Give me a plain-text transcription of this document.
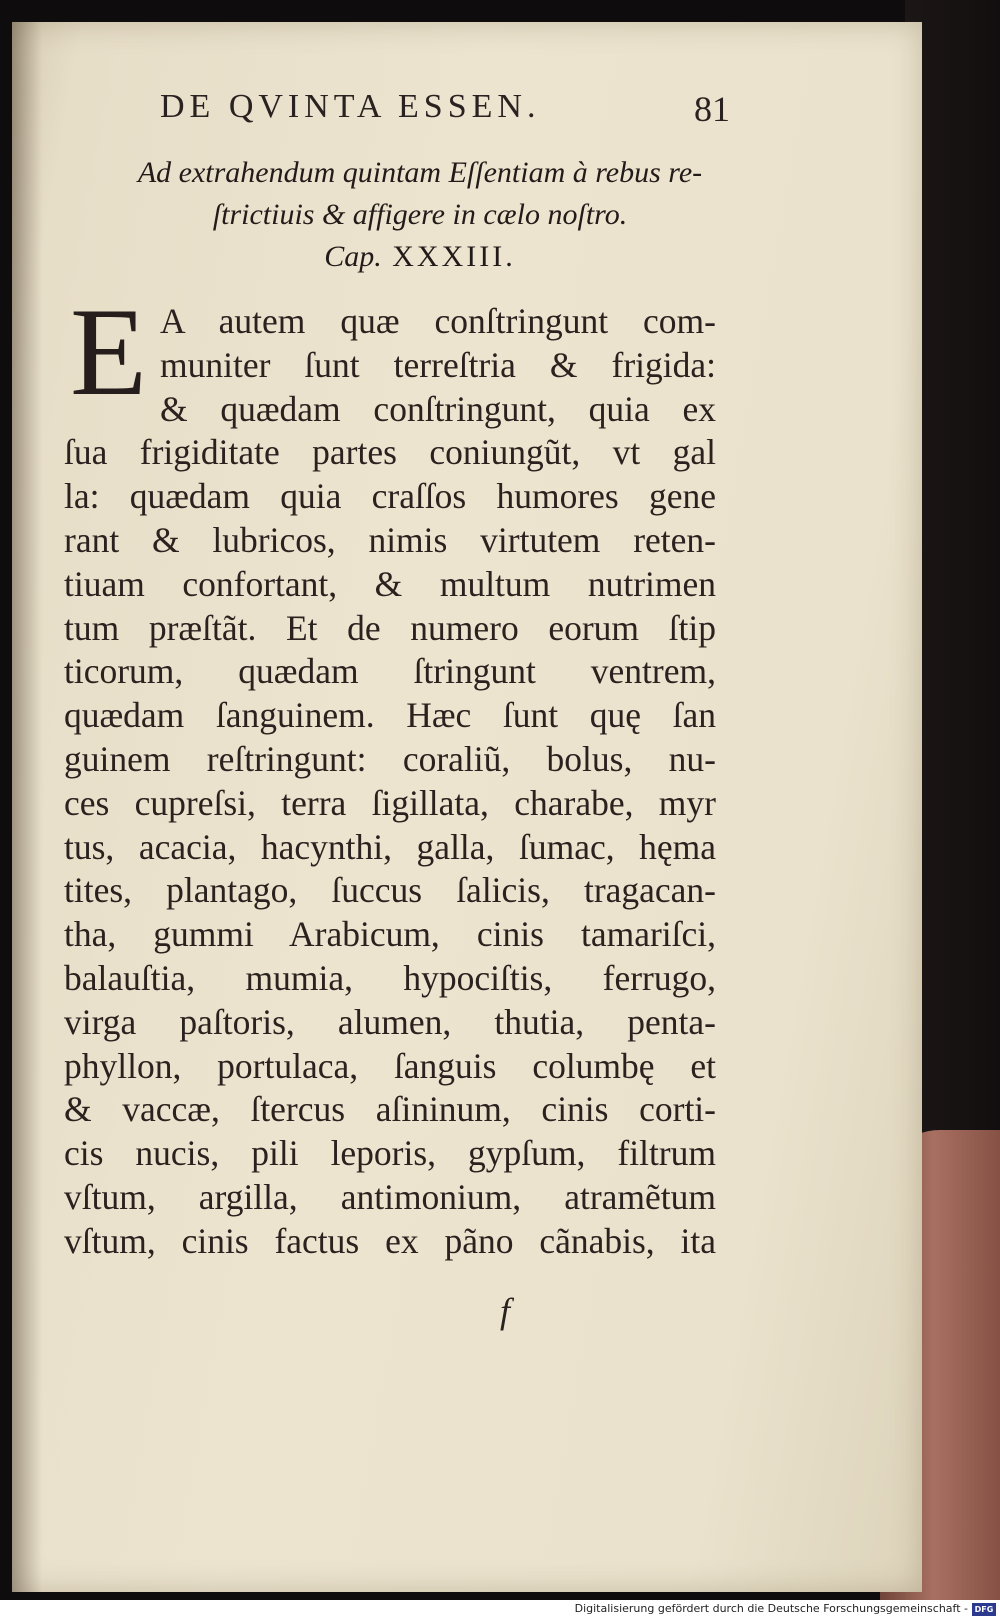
DE QVINTA ESSEN.	81
Ad extrahendum quintam Eſſentiam à rebus re-
ſtrictiuis & affigere in cælo noſtro.
Cap. XXXIII.
E A autem quæ conſtringunt com-
muniter ſunt terreſtria & frigida:
& quædam conſtringunt, quia ex
ſua frigiditate partes coniungũt, vt gal
la: quædam quia craſſos humores gene
rant & lubricos, nimis virtutem reten-
tiuam confortant, & multum nutrimen
tum præſtãt. Et de numero eorum ſtip
ticorum, quædam ſtringunt ventrem,
quædam ſanguinem. Hæc ſunt quę ſan
guinem reſtringunt: coraliũ, bolus, nu-
ces cupreſsi, terra ſigillata, charabe, myr
tus, acacia, hacynthi, galla, ſumac, hęma
tites, plantago, ſuccus ſalicis, tragacan-
tha, gummi Arabicum, cinis tamariſci,
balauſtia, mumia, hypociſtis, ferrugo,
virga paſtoris, alumen, thutia, penta-
phyllon, portulaca, ſanguis columbę et
& vaccæ, ſtercus aſininum, cinis corti-
cis nucis, pili leporis, gypſum, filtrum
vſtum, argilla, antimonium, atramẽtum
vſtum, cinis factus ex pãno cãnabis, ita
f
Digitalisierung gefördert durch die Deutsche Forschungsgemeinschaft - DFG
